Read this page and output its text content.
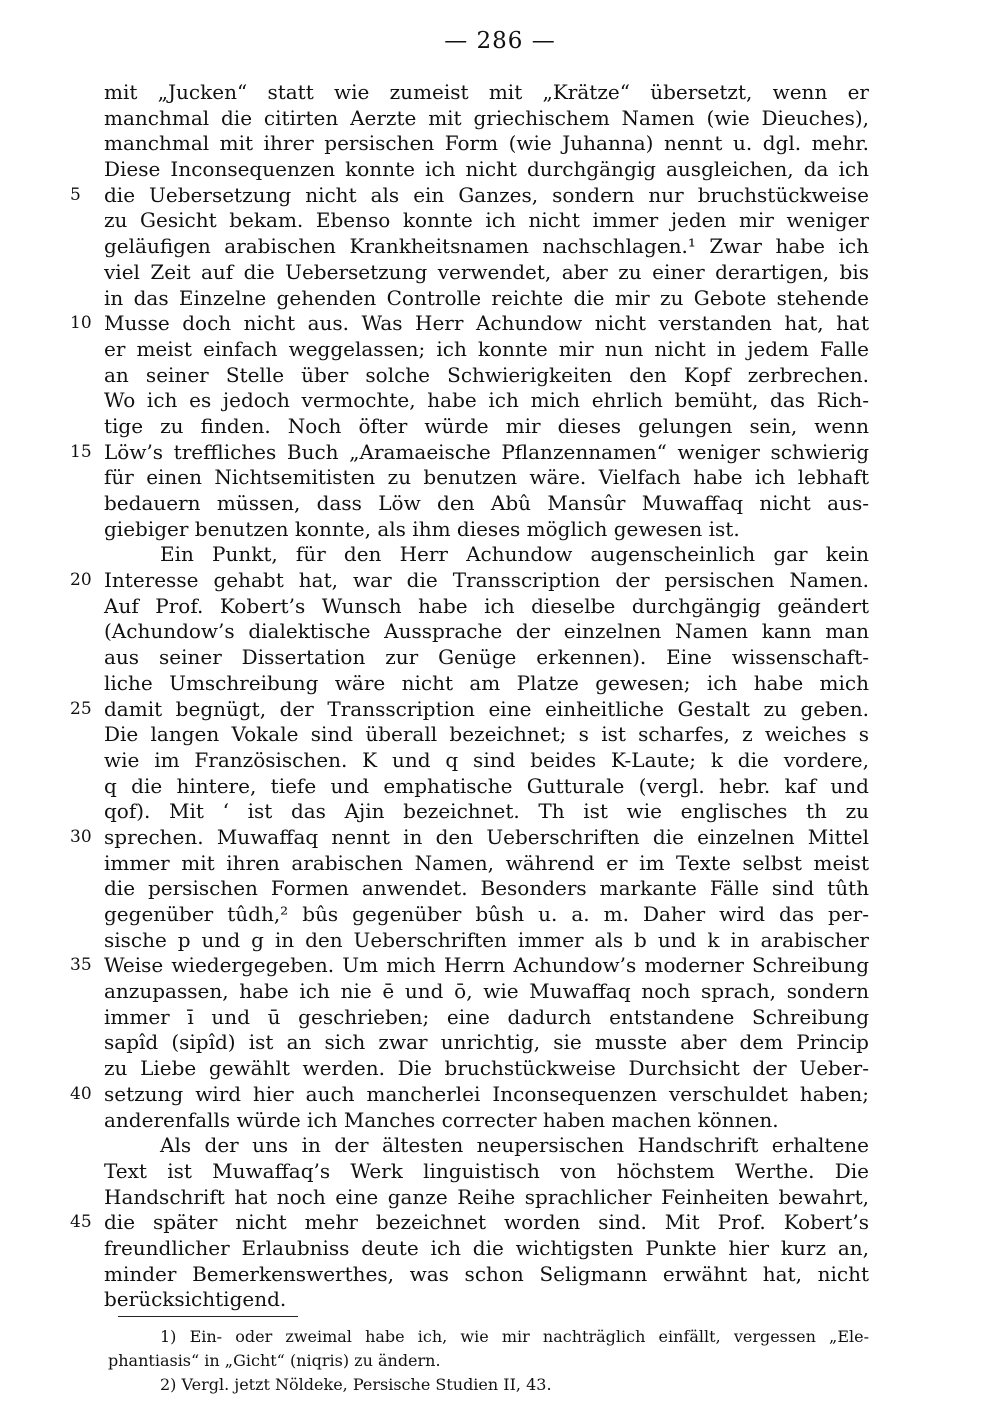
— 286 —
mit „Jucken“ statt wie zumeist mit „Krätze“ übersetzt, wenn er
manchmal die citirten Aerzte mit griechischem Namen (wie Dieuches),
manchmal mit ihrer persischen Form (wie Juhanna) nennt u. dgl. mehr.
Diese Inconsequenzen konnte ich nicht durchgängig ausgleichen, da ich
5	die Uebersetzung nicht als ein Ganzes, sondern nur bruchstückweise
zu Gesicht bekam. Ebenso konnte ich nicht immer jeden mir weniger
geläufigen arabischen Krankheitsnamen nachschlagen.¹ Zwar habe ich
viel Zeit auf die Uebersetzung verwendet, aber zu einer derartigen, bis
in das Einzelne gehenden Controlle reichte die mir zu Gebote stehende
10 Musse doch nicht aus. Was Herr Achundow nicht verstanden hat, hat
er meist einfach weggelassen; ich konnte mir nun nicht in jedem Falle
an seiner Stelle über solche Schwierigkeiten den Kopf zerbrechen.
Wo ich es jedoch vermochte, habe ich mich ehrlich bemüht, das Rich-
tige zu finden. Noch öfter würde mir dieses gelungen sein, wenn
15 Löw’s treffliches Buch „Aramaeische Pflanzennamen“ weniger schwierig
für einen Nichtsemitisten zu benutzen wäre. Vielfach habe ich lebhaft
bedauern müssen, dass Löw den Abû Mansûr Muwaffaq nicht aus-
giebiger benutzen konnte, als ihm dieses möglich gewesen ist.
Ein Punkt, für den Herr Achundow augenscheinlich gar kein
20 Interesse gehabt hat, war die Transscription der persischen Namen.
Auf Prof. Kobert’s Wunsch habe ich dieselbe durchgängig geändert
(Achundow’s dialektische Aussprache der einzelnen Namen kann man
aus seiner Dissertation zur Genüge erkennen). Eine wissenschaft-
liche Umschreibung wäre nicht am Platze gewesen; ich habe mich
25 damit begnügt, der Transscription eine einheitliche Gestalt zu geben.
Die langen Vokale sind überall bezeichnet; s ist scharfes, z weiches s
wie im Französischen. K und q sind beides K-Laute; k die vordere,
q die hintere, tiefe und emphatische Gutturale (vergl. hebr. kaf und
qof). Mit ‘ ist das Ajin bezeichnet. Th ist wie englisches th zu
30 sprechen. Muwaffaq nennt in den Ueberschriften die einzelnen Mittel
immer mit ihren arabischen Namen, während er im Texte selbst meist
die persischen Formen anwendet. Besonders markante Fälle sind tûth
gegenüber tûdh,² bûs gegenüber bûsh u. a. m. Daher wird das per-
sische p und g in den Ueberschriften immer als b und k in arabischer
35 Weise wiedergegeben. Um mich Herrn Achundow’s moderner Schreibung
anzupassen, habe ich nie ē und ō, wie Muwaffaq noch sprach, sondern
immer ī und ū geschrieben; eine dadurch entstandene Schreibung
sapîd (sipîd) ist an sich zwar unrichtig, sie musste aber dem Princip
zu Liebe gewählt werden. Die bruchstückweise Durchsicht der Ueber-
40 setzung wird hier auch mancherlei Inconsequenzen verschuldet haben;
anderenfalls würde ich Manches correcter haben machen können.
Als der uns in der ältesten neupersischen Handschrift erhaltene
Text ist Muwaffaq’s Werk linguistisch von höchstem Werthe. Die
Handschrift hat noch eine ganze Reihe sprachlicher Feinheiten bewahrt,
45 die später nicht mehr bezeichnet worden sind. Mit Prof. Kobert’s
freundlicher Erlaubniss deute ich die wichtigsten Punkte hier kurz an,
minder Bemerkenswerthes, was schon Seligmann erwähnt hat, nicht
berücksichtigend.
1) Ein- oder zweimal habe ich, wie mir nachträglich einfällt, vergessen „Ele-
phantiasis“ in „Gicht“ (niqris) zu ändern.
2) Vergl. jetzt Nöldeke, Persische Studien II, 43.
